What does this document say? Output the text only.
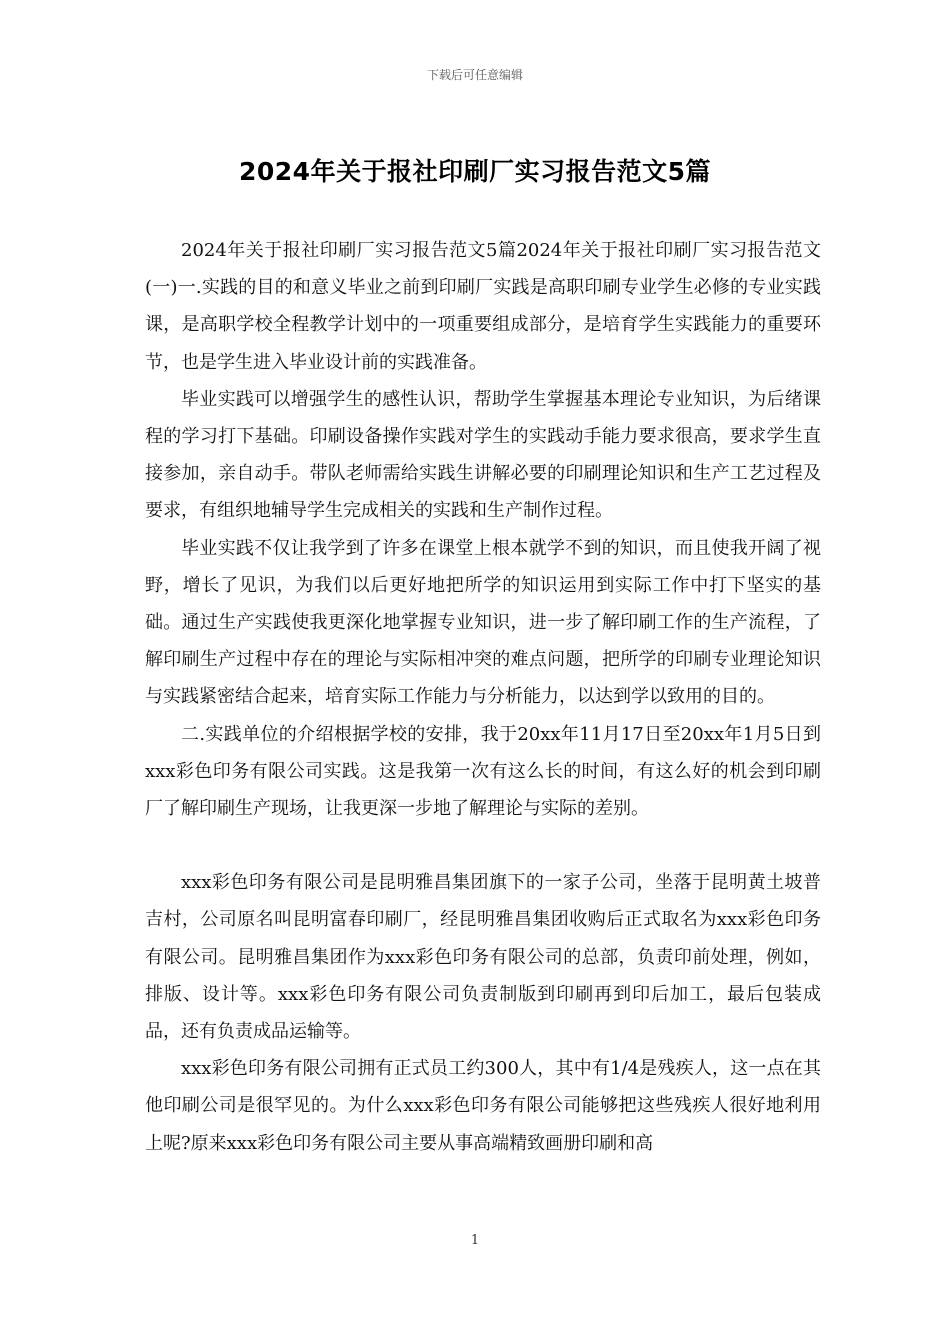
下载后可任意编辑
2024年关于报社印刷厂实习报告范文5篇

2024年关于报社印刷厂实习报告范文5篇2024年关于报社印刷厂实习报告范文(一)一.实践的目的和意义毕业之前到印刷厂实践是高职印刷专业学生必修的专业实践课，是高职学校全程教学计划中的一项重要组成部分，是培育学生实践能力的重要环节，也是学生进入毕业设计前的实践准备。

毕业实践可以增强学生的感性认识，帮助学生掌握基本理论专业知识，为后绪课程的学习打下基础。印刷设备操作实践对学生的实践动手能力要求很高，要求学生直接参加，亲自动手。带队老师需给实践生讲解必要的印刷理论知识和生产工艺过程及要求，有组织地辅导学生完成相关的实践和生产制作过程。

毕业实践不仅让我学到了许多在课堂上根本就学不到的知识，而且使我开阔了视野，增长了见识，为我们以后更好地把所学的知识运用到实际工作中打下坚实的基础。通过生产实践使我更深化地掌握专业知识，进一步了解印刷工作的生产流程，了解印刷生产过程中存在的理论与实际相冲突的难点问题，把所学的印刷专业理论知识与实践紧密结合起来，培育实际工作能力与分析能力，以达到学以致用的目的。

二.实践单位的介绍根据学校的安排，我于20xx年11月17日至20xx年1月5日到xxx彩色印务有限公司实践。这是我第一次有这么长的时间，有这么好的机会到印刷厂了解印刷生产现场，让我更深一步地了解理论与实际的差别。

xxx彩色印务有限公司是昆明雅昌集团旗下的一家子公司，坐落于昆明黄土坡普吉村，公司原名叫昆明富春印刷厂，经昆明雅昌集团收购后正式取名为xxx彩色印务有限公司。昆明雅昌集团作为xxx彩色印务有限公司的总部，负责印前处理，例如，排版、设计等。xxx彩色印务有限公司负责制版到印刷再到印后加工，最后包装成品，还有负责成品运输等。

xxx彩色印务有限公司拥有正式员工约300人，其中有1/4是残疾人，这一点在其他印刷公司是很罕见的。为什么xxx彩色印务有限公司能够把这些残疾人很好地利用上呢?原来xxx彩色印务有限公司主要从事高端精致画册印刷和高

1
